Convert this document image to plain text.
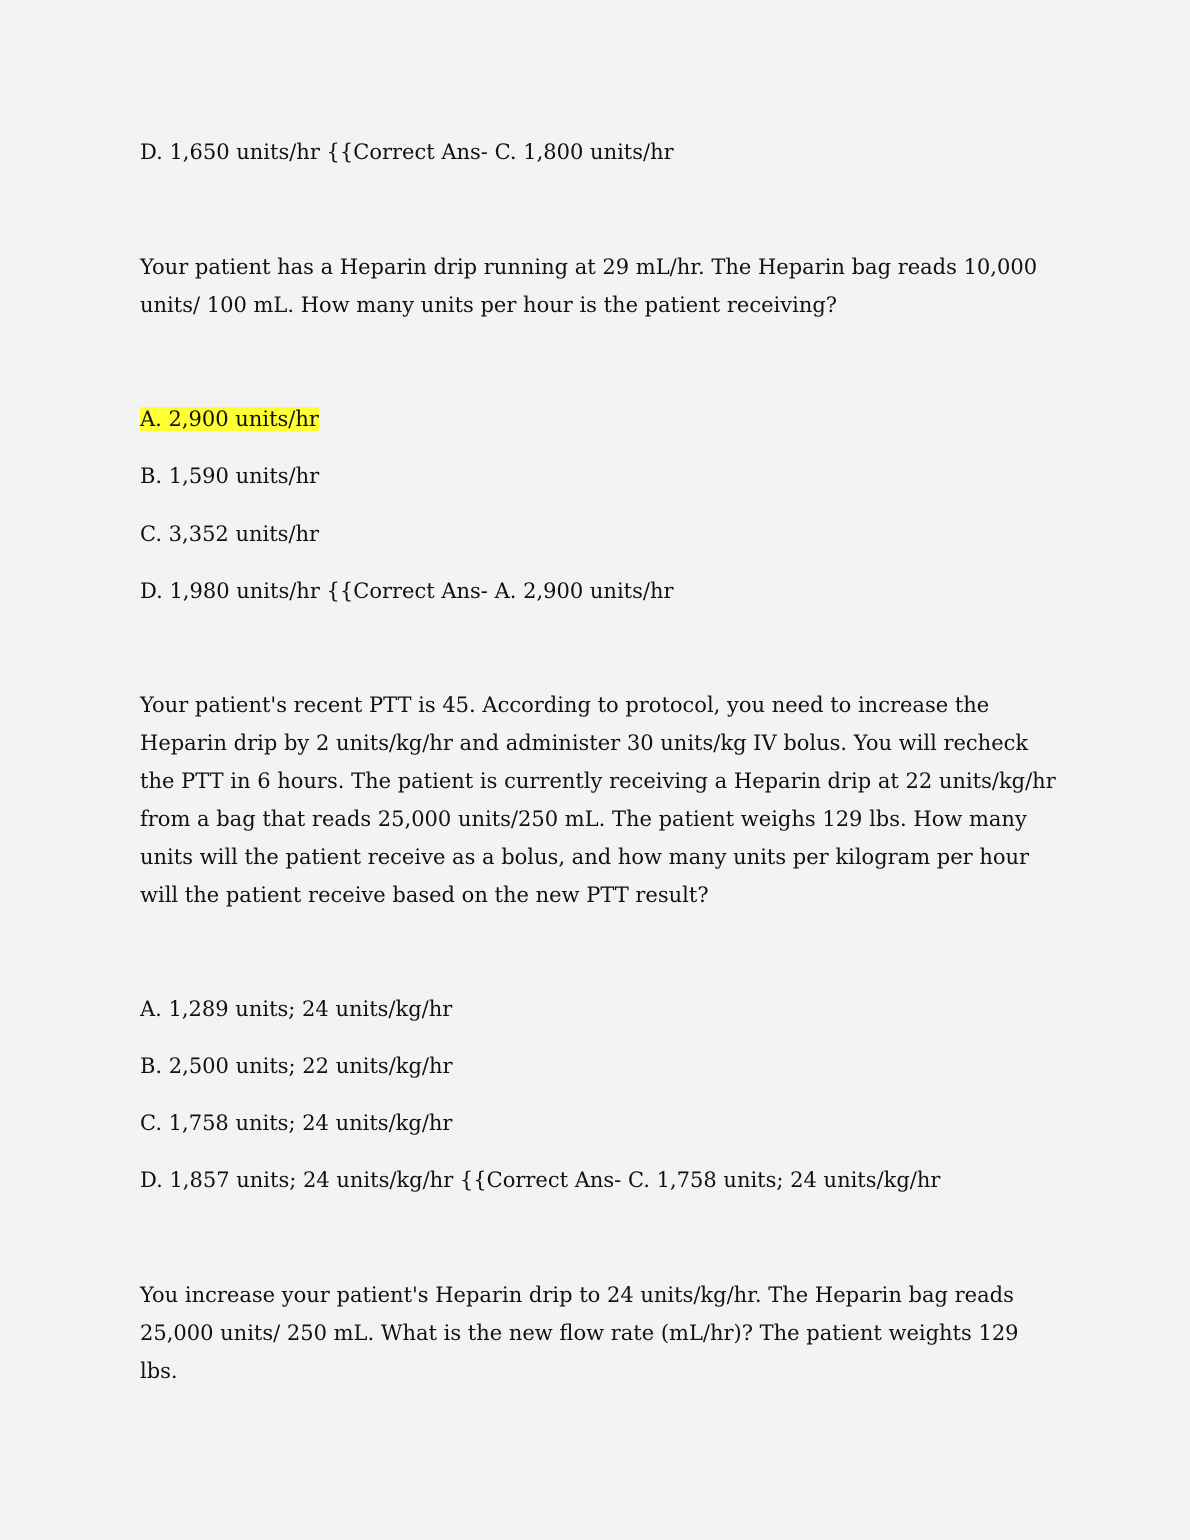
D. 1,650 units/hr {{Correct Ans- C. 1,800 units/hr
Your patient has a Heparin drip running at 29 mL/hr. The Heparin bag reads 10,000 units/ 100 mL. How many units per hour is the patient receiving?
A. 2,900 units/hr
B. 1,590 units/hr
C. 3,352 units/hr
D. 1,980 units/hr {{Correct Ans- A. 2,900 units/hr
Your patient's recent PTT is 45. According to protocol, you need to increase the Heparin drip by 2 units/kg/hr and administer 30 units/kg IV bolus. You will recheck the PTT in 6 hours. The patient is currently receiving a Heparin drip at 22 units/kg/hr from a bag that reads 25,000 units/250 mL. The patient weighs 129 lbs. How many units will the patient receive as a bolus, and how many units per kilogram per hour will the patient receive based on the new PTT result?
A. 1,289 units; 24 units/kg/hr
B. 2,500 units; 22 units/kg/hr
C. 1,758 units; 24 units/kg/hr
D. 1,857 units; 24 units/kg/hr {{Correct Ans- C. 1,758 units; 24 units/kg/hr
You increase your patient's Heparin drip to 24 units/kg/hr. The Heparin bag reads 25,000 units/ 250 mL. What is the new flow rate (mL/hr)? The patient weights 129 lbs.
